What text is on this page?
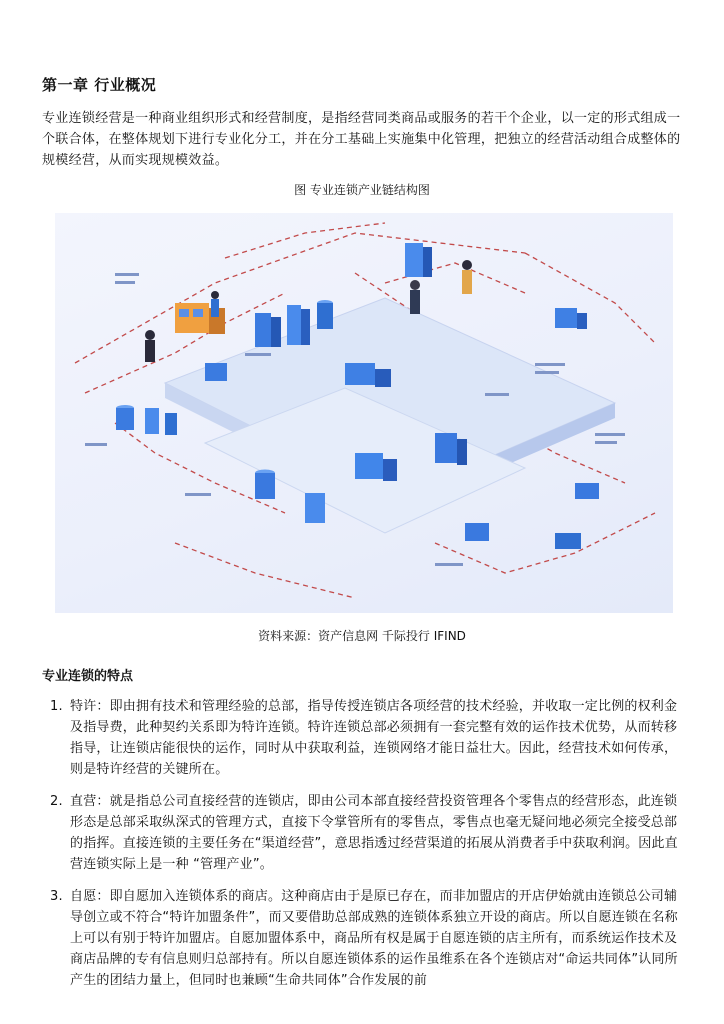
第一章 行业概况

专业连锁经营是一种商业组织形式和经营制度，是指经营同类商品或服务的若干个企业，以一定的形式组成一个联合体，在整体规划下进行专业化分工，并在分工基础上实施集中化管理，把独立的经营活动组合成整体的规模经营，从而实现规模效益。

图 专业连锁产业链结构图
资料来源：资产信息网 千际投行 IFIND
专业连锁的特点
1. 特许：即由拥有技术和管理经验的总部，指导传授连锁店各项经营的技术经验，并收取一定比例的权利金及指导费，此种契约关系即为特许连锁。特许连锁总部必须拥有一套完整有效的运作技术优势，从而转移指导，让连锁店能很快的运作，同时从中获取利益，连锁网络才能日益壮大。因此，经营技术如何传承，则是特许经营的关键所在。
2. 直营：就是指总公司直接经营的连锁店，即由公司本部直接经营投资管理各个零售点的经营形态，此连锁形态是总部采取纵深式的管理方式，直接下令掌管所有的零售点，零售点也毫无疑问地必须完全接受总部的指挥。直接连锁的主要任务在“渠道经营”，意思指透过经营渠道的拓展从消费者手中获取利润。因此直营连锁实际上是一种 “管理产业”。
3. 自愿：即自愿加入连锁体系的商店。这种商店由于是原已存在，而非加盟店的开店伊始就由连锁总公司辅导创立或不符合“特许加盟条件”，而又要借助总部成熟的连锁体系独立开设的商店。所以自愿连锁在名称上可以有别于特许加盟店。自愿加盟体系中，商品所有权是属于自愿连锁的店主所有，而系统运作技术及商店品牌的专有信息则归总部持有。所以自愿连锁体系的运作虽维系在各个连锁店对“命运共同体”认同所产生的团结力量上，但同时也兼顾“生命共同体”合作发展的前
